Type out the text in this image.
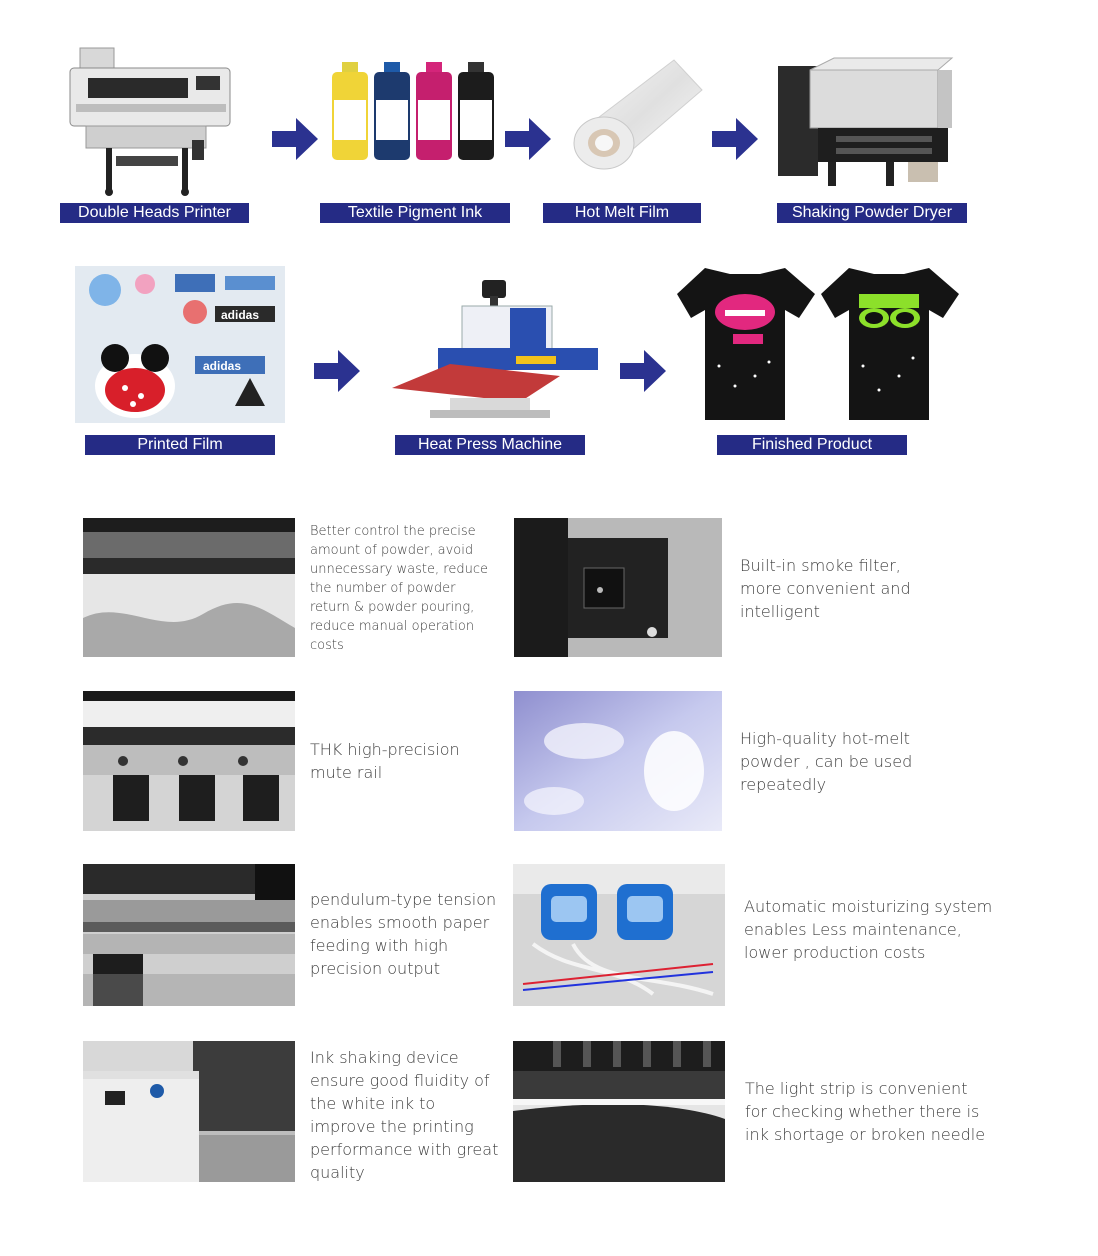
Double Heads Printer	Textile Pigment Ink	Hot Melt Film	Shaking Powder Dryer
adidas
adidas
Printed Film	Heat Press Machine	Finished Product
Better control the precise amount of powder, avoid unnecessary waste, reduce the number of powder return & powder pouring, reduce manual operation costs
Built-in smoke filter, more convenient and intelligent
THK high-precision mute rail
High-quality hot-melt powder , can be used repeatedly
pendulum-type tension enables smooth paper feeding with high precision output
Automatic moisturizing system enables Less maintenance, lower production costs
Ink shaking device ensure good fluidity of the white ink to improve the printing performance with great quality
The light strip is convenient for checking whether there is ink shortage or broken needle
